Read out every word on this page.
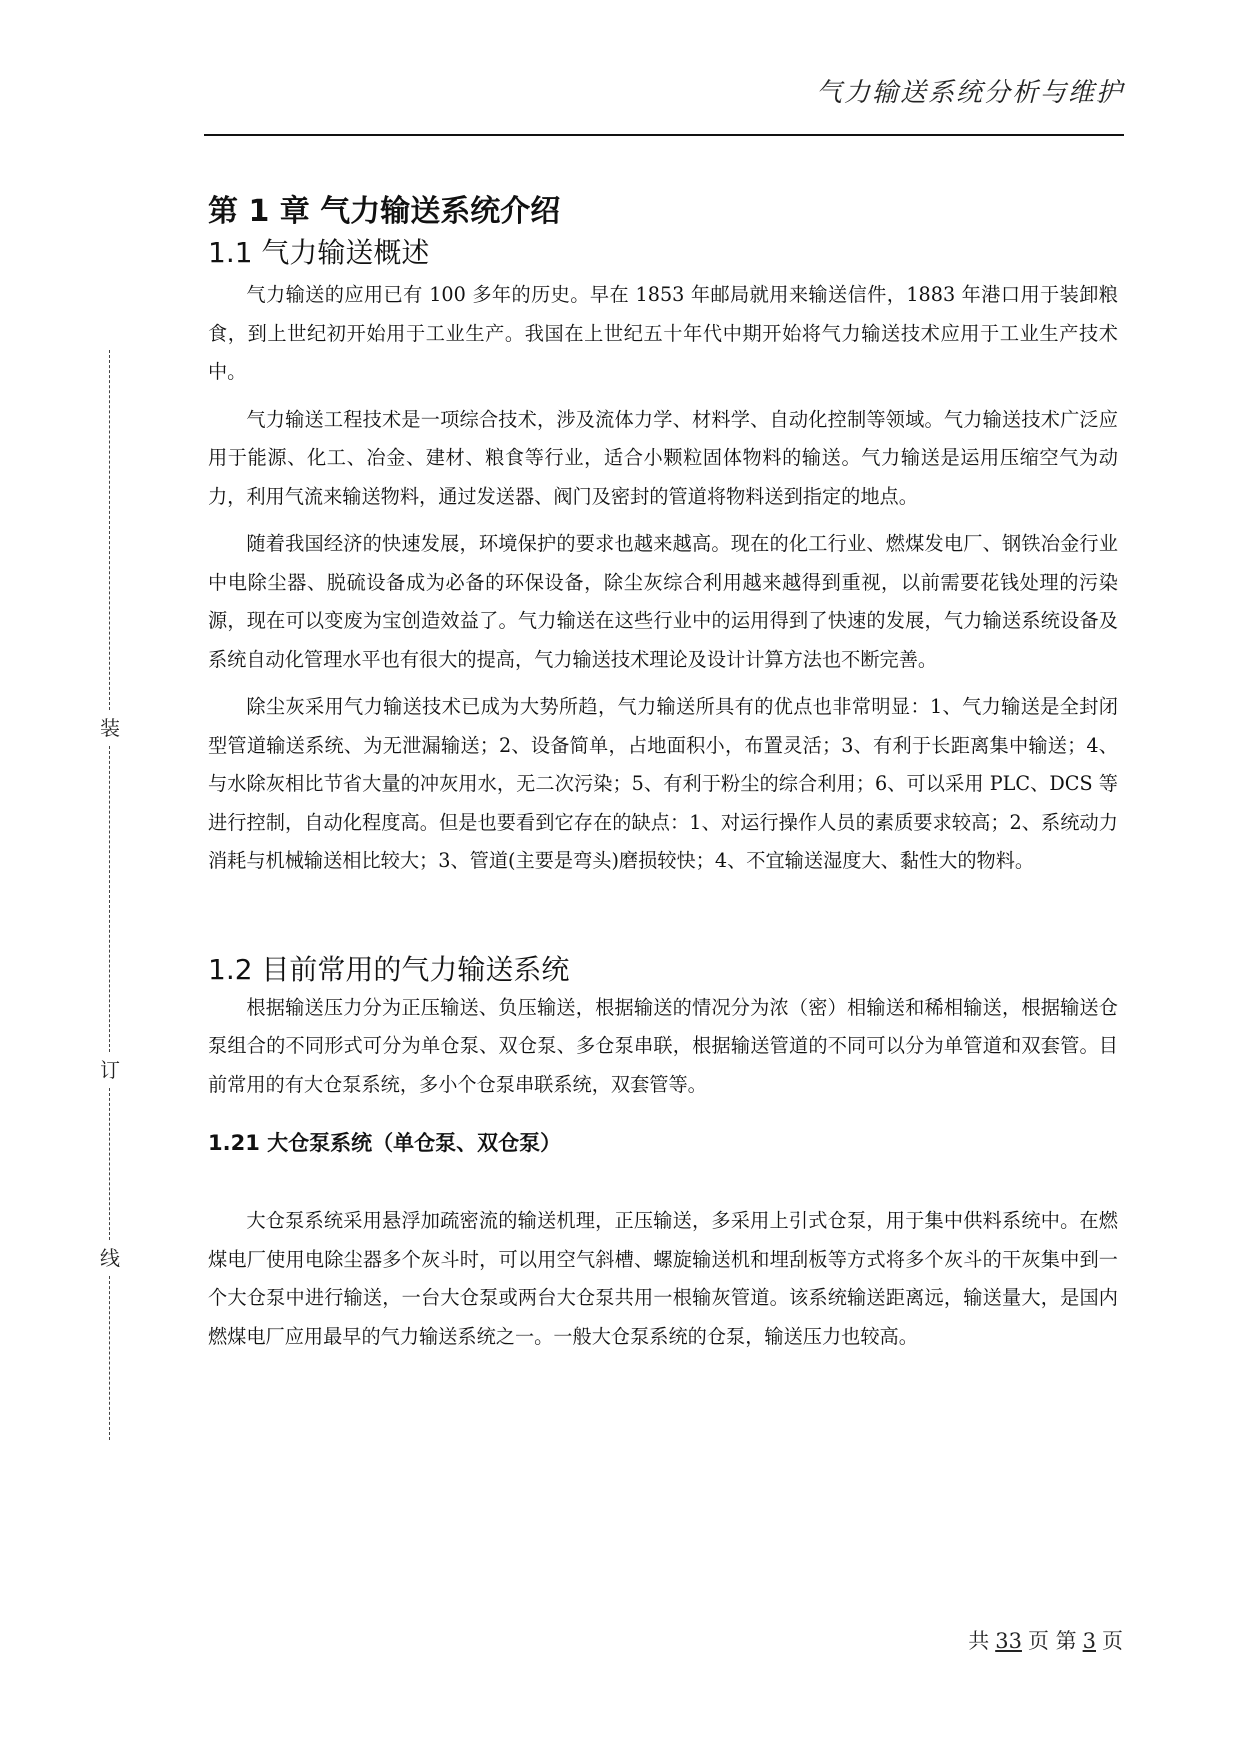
气力输送系统分析与维护
装
订
线
第 1 章 气力输送系统介绍
1.1 气力输送概述

气力输送的应用已有 100 多年的历史。早在 1853 年邮局就用来输送信件，1883 年港口用于装卸粮食，到上世纪初开始用于工业生产。我国在上世纪五十年代中期开始将气力输送技术应用于工业生产技术中。

气力输送工程技术是一项综合技术，涉及流体力学、材料学、自动化控制等领域。气力输送技术广泛应用于能源、化工、冶金、建材、粮食等行业，适合小颗粒固体物料的输送。气力输送是运用压缩空气为动力，利用气流来输送物料，通过发送器、阀门及密封的管道将物料送到指定的地点。

随着我国经济的快速发展，环境保护的要求也越来越高。现在的化工行业、燃煤发电厂、钢铁冶金行业中电除尘器、脱硫设备成为必备的环保设备，除尘灰综合利用越来越得到重视，以前需要花钱处理的污染源，现在可以变废为宝创造效益了。气力输送在这些行业中的运用得到了快速的发展，气力输送系统设备及系统自动化管理水平也有很大的提高，气力输送技术理论及设计计算方法也不断完善。

除尘灰采用气力输送技术已成为大势所趋，气力输送所具有的优点也非常明显：1、气力输送是全封闭型管道输送系统、为无泄漏输送；2、设备简单，占地面积小，布置灵活；3、有利于长距离集中输送；4、与水除灰相比节省大量的冲灰用水，无二次污染；5、有利于粉尘的综合利用；6、可以采用 PLC、DCS 等进行控制，自动化程度高。但是也要看到它存在的缺点：1、对运行操作人员的素质要求较高；2、系统动力消耗与机械输送相比较大；3、管道(主要是弯头)磨损较快；4、不宜输送湿度大、黏性大的物料。

1.2 目前常用的气力输送系统

根据输送压力分为正压输送、负压输送，根据输送的情况分为浓（密）相输送和稀相输送，根据输送仓泵组合的不同形式可分为单仓泵、双仓泵、多仓泵串联，根据输送管道的不同可以分为单管道和双套管。目前常用的有大仓泵系统，多小个仓泵串联系统，双套管等。

1.21 大仓泵系统（单仓泵、双仓泵）

大仓泵系统采用悬浮加疏密流的输送机理，正压输送，多采用上引式仓泵，用于集中供料系统中。在燃煤电厂使用电除尘器多个灰斗时，可以用空气斜槽、螺旋输送机和埋刮板等方式将多个灰斗的干灰集中到一个大仓泵中进行输送，一台大仓泵或两台大仓泵共用一根输灰管道。该系统输送距离远，输送量大，是国内燃煤电厂应用最早的气力输送系统之一。一般大仓泵系统的仓泵，输送压力也较高。

共 33 页 第 3 页
